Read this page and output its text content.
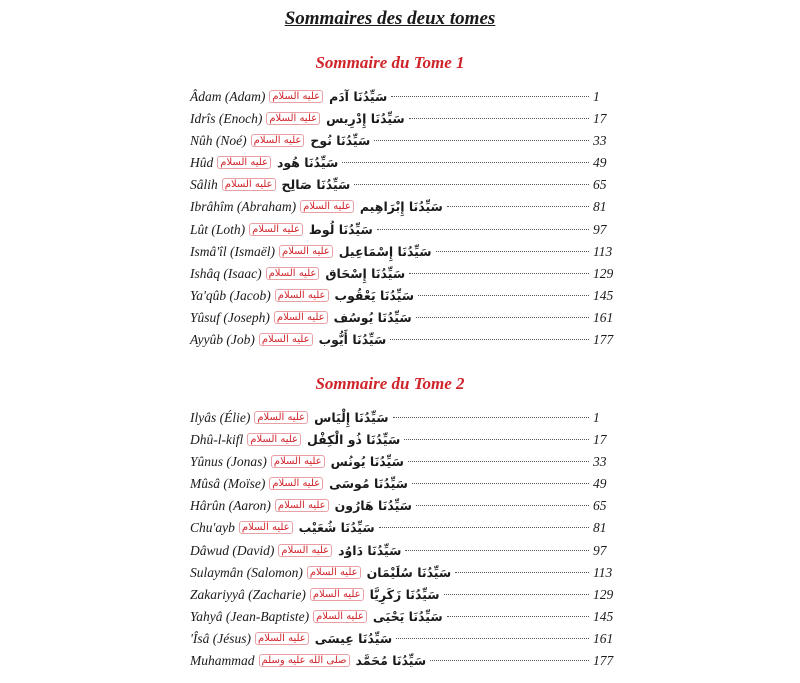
Sommaires des deux tomes
Sommaire du Tome 1
Âdam (Adam) عليه السلام سَيِّدُنَا آدَم	1
Idrîs (Enoch) عليه السلام سَيِّدُنَا إِدْرِيس	17
Nûh (Noé) عليه السلام سَيِّدُنَا نُوح	33
Hûd عليه السلام سَيِّدُنَا هُود	49
Sâlih عليه السلام سَيِّدُنَا صَالِح	65
Ibrâhîm (Abraham) عليه السلام سَيِّدُنَا إِبْرَاهِيم	81
Lût (Loth) عليه السلام سَيِّدُنَا لُوط	97
Ismâ'îl (Ismaël) عليه السلام سَيِّدُنَا إِسْمَاعِيل	113
Ishâq (Isaac) عليه السلام سَيِّدُنَا إِسْحَاق	129
Ya'qûb (Jacob) عليه السلام سَيِّدُنَا يَعْقُوب	145
Yûsuf (Joseph) عليه السلام سَيِّدُنَا يُوسُف	161
Ayyûb (Job) عليه السلام سَيِّدُنَا أَيُّوب	177
Sommaire du Tome 2
Ilyâs (Élie) عليه السلام سَيِّدُنَا إِلْيَاس	1
Dhû-l-kifl عليه السلام سَيِّدُنَا ذُو الْكِفْل	17
Yûnus (Jonas) عليه السلام سَيِّدُنَا يُونُس	33
Mûsâ (Moïse) عليه السلام سَيِّدُنَا مُوسَى	49
Hârûn (Aaron) عليه السلام سَيِّدُنَا هَارُون	65
Chu'ayb عليه السلام سَيِّدُنَا شُعَيْب	81
Dâwud (David) عليه السلام سَيِّدُنَا دَاوُد	97
Sulaymân (Salomon) عليه السلام سَيِّدُنَا سُلَيْمَان	113
Zakariyyâ (Zacharie) عليه السلام سَيِّدُنَا زَكَرِيَّا	129
Yahyâ (Jean-Baptiste) عليه السلام سَيِّدُنَا يَحْيَى	145
'Îsâ (Jésus) عليه السلام سَيِّدُنَا عِيسَى	161
Muhammad صلى الله عليه وسلم سَيِّدُنَا مُحَمَّد	177
